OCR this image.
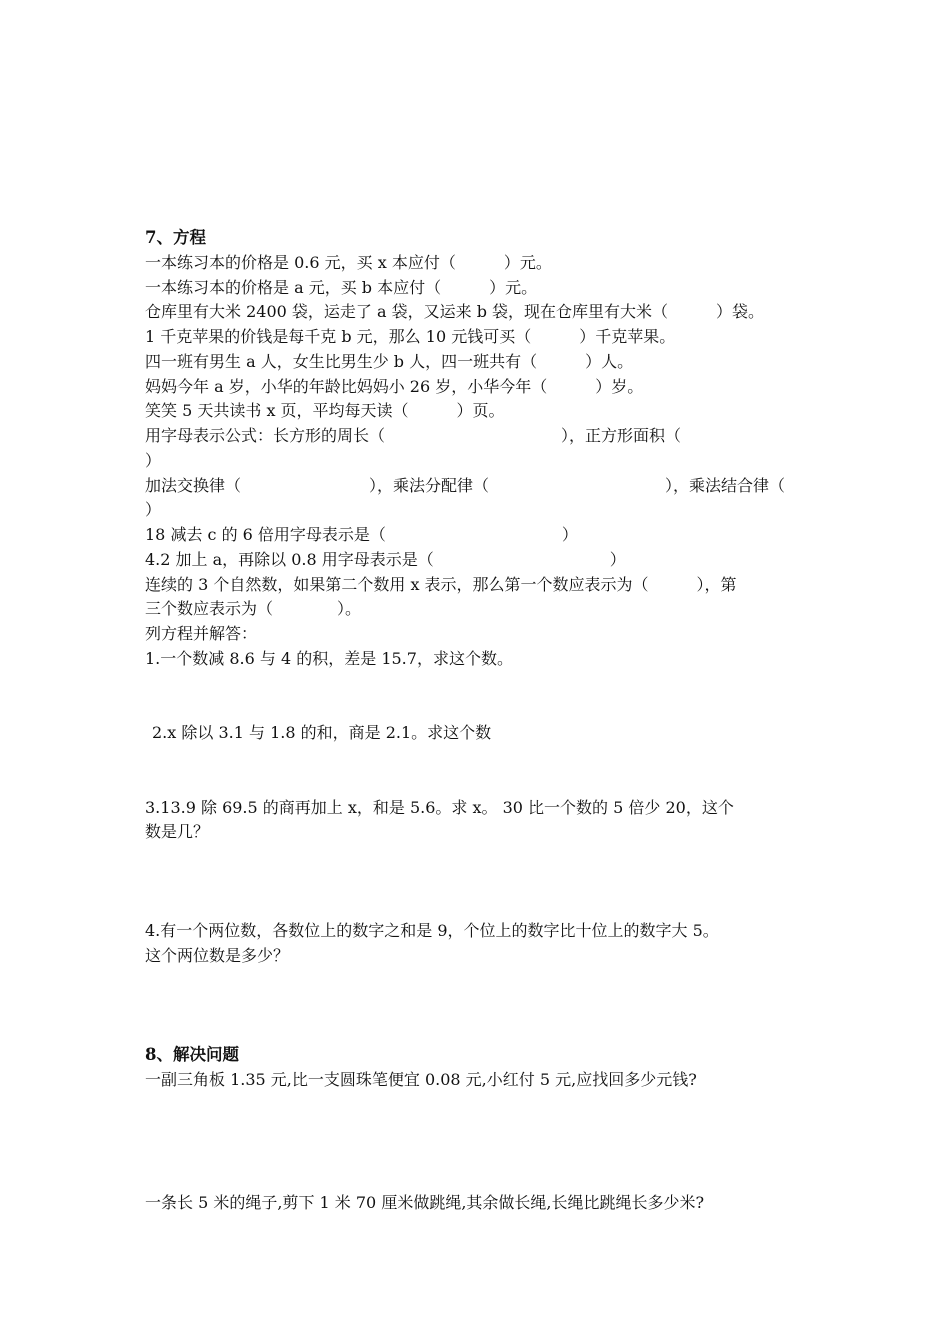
7、方程
一本练习本的价格是 0.6 元，买 x 本应付（　　　）元。
一本练习本的价格是 a 元，买 b 本应付（　　　）元。
仓库里有大米 2400 袋，运走了 a 袋，又运来 b 袋，现在仓库里有大米（　　　）袋。
1 千克苹果的价钱是每千克 b 元，那么 10 元钱可买（　　　）千克苹果。
四一班有男生 a 人，女生比男生少 b 人，四一班共有（　　　）人。
妈妈今年 a 岁，小华的年龄比妈妈小 26 岁，小华今年（　　　）岁。
笑笑 5 天共读书 x 页，平均每天读（　　　）页。
用字母表示公式：长方形的周长（　　　　　　　　　　　），正方形面积（
）
加法交换律（　　　　　　　　），乘法分配律（　　　　　　　　　　　），乘法结合律（
）
18 减去 c 的 6 倍用字母表示是（　　　　　　　　　　　）
4.2 加上 a，再除以 0.8 用字母表示是（　　　　　　　　　　　）
连续的 3 个自然数，如果第二个数用 x 表示，那么第一个数应表示为（　　　），第
三个数应表示为（　　　　）。
列方程并解答：
1.一个数减 8.6 与 4 的积，差是 15.7，求这个数。
2.x 除以 3.1 与 1.8 的和，商是 2.1。求这个数
3.13.9 除 69.5 的商再加上 x，和是 5.6。求 x。 30 比一个数的 5 倍少 20，这个
数是几？
4.有一个两位数，各数位上的数字之和是 9，个位上的数字比十位上的数字大 5。
这个两位数是多少？
8、解决问题
一副三角板 1.35 元,比一支圆珠笔便宜 0.08 元,小红付 5 元,应找回多少元钱?
一条长 5 米的绳子,剪下 1 米 70 厘米做跳绳,其余做长绳,长绳比跳绳长多少米?
